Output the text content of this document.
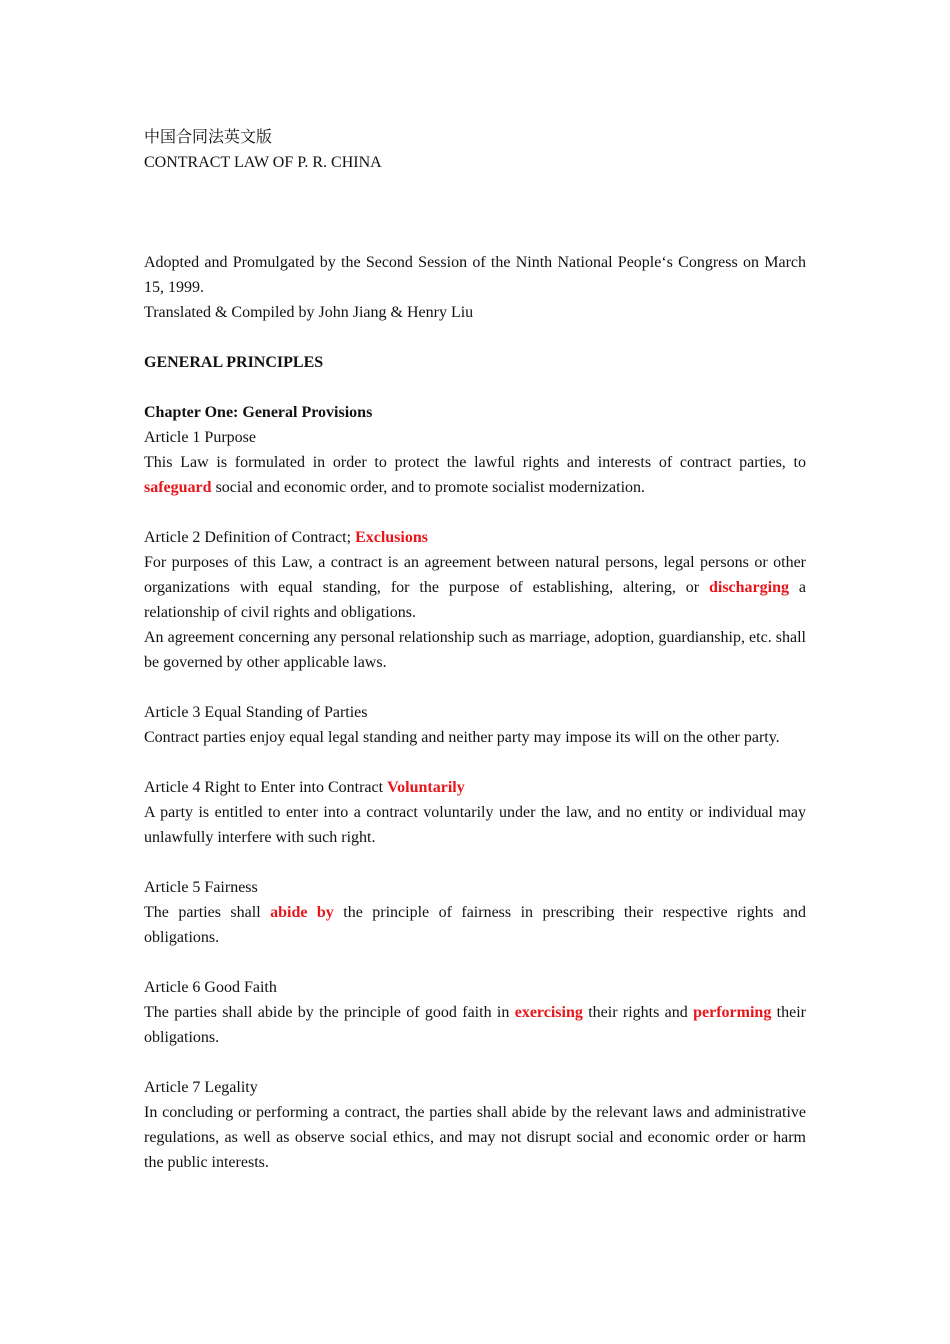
中国合同法英文版

CONTRACT LAW OF P. R. CHINA

Adopted and Promulgated by the Second Session of the Ninth National People‘s Congress on March 15, 1999.

Translated & Compiled by John Jiang & Henry Liu

GENERAL PRINCIPLES

Chapter One: General Provisions

Article 1 Purpose

This Law is formulated in order to protect the lawful rights and interests of contract parties, to safeguard social and economic order, and to promote socialist modernization.

Article 2 Definition of Contract; Exclusions

For purposes of this Law, a contract is an agreement between natural persons, legal persons or other organizations with equal standing, for the purpose of establishing, altering, or discharging a relationship of civil rights and obligations.

An agreement concerning any personal relationship such as marriage, adoption, guardianship, etc. shall be governed by other applicable laws.

Article 3 Equal Standing of Parties

Contract parties enjoy equal legal standing and neither party may impose its will on the other party.

Article 4 Right to Enter into Contract Voluntarily

A party is entitled to enter into a contract voluntarily under the law, and no entity or individual may unlawfully interfere with such right.

Article 5 Fairness

The parties shall abide by the principle of fairness in prescribing their respective rights and obligations.

Article 6 Good Faith

The parties shall abide by the principle of good faith in exercising their rights and performing their obligations.

Article 7 Legality

In concluding or performing a contract, the parties shall abide by the relevant laws and administrative regulations, as well as observe social ethics, and may not disrupt social and economic order or harm the public interests.
